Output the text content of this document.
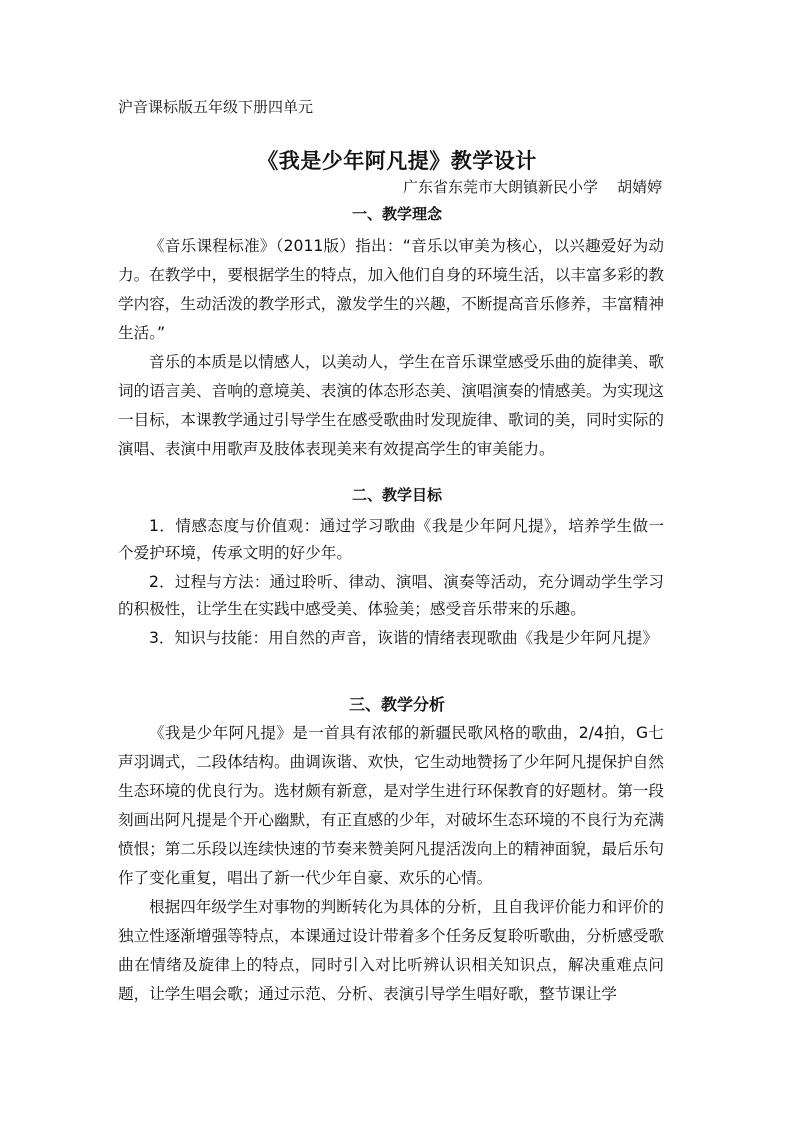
沪音课标版五年级下册四单元
《我是少年阿凡提》教学设计
广东省东莞市大朗镇新民小学    胡婧婷
一、教学理念
《音乐课程标准》（2011版）指出：“音乐以审美为核心，以兴趣爱好为动力。在教学中，要根据学生的特点，加入他们自身的环境生活，以丰富多彩的教学内容，生动活泼的教学形式，激发学生的兴趣，不断提高音乐修养，丰富精神生活。”
音乐的本质是以情感人，以美动人，学生在音乐课堂感受乐曲的旋律美、歌词的语言美、音响的意境美、表演的体态形态美、演唱演奏的情感美。为实现这一目标，本课教学通过引导学生在感受歌曲时发现旋律、歌词的美，同时实际的演唱、表演中用歌声及肢体表现美来有效提高学生的审美能力。
二、教学目标
1．情感态度与价值观：通过学习歌曲《我是少年阿凡提》，培养学生做一个爱护环境，传承文明的好少年。
2．过程与方法：通过聆听、律动、演唱、演奏等活动，充分调动学生学习的积极性，让学生在实践中感受美、体验美；感受音乐带来的乐趣。
3．知识与技能：用自然的声音，诙谐的情绪表现歌曲《我是少年阿凡提》
三、教学分析
《我是少年阿凡提》是一首具有浓郁的新疆民歌风格的歌曲，2/4拍，G七声羽调式，二段体结构。曲调诙谐、欢快，它生动地赞扬了少年阿凡提保护自然生态环境的优良行为。选材颇有新意，是对学生进行环保教育的好题材。第一段刻画出阿凡提是个开心幽默，有正直感的少年，对破坏生态环境的不良行为充满愤恨；第二乐段以连续快速的节奏来赞美阿凡提活泼向上的精神面貌，最后乐句作了变化重复，唱出了新一代少年自豪、欢乐的心情。
根据四年级学生对事物的判断转化为具体的分析，且自我评价能力和评价的独立性逐渐增强等特点，本课通过设计带着多个任务反复聆听歌曲，分析感受歌曲在情绪及旋律上的特点，同时引入对比听辨认识相关知识点，解决重难点问题，让学生唱会歌；通过示范、分析、表演引导学生唱好歌，整节课让学
